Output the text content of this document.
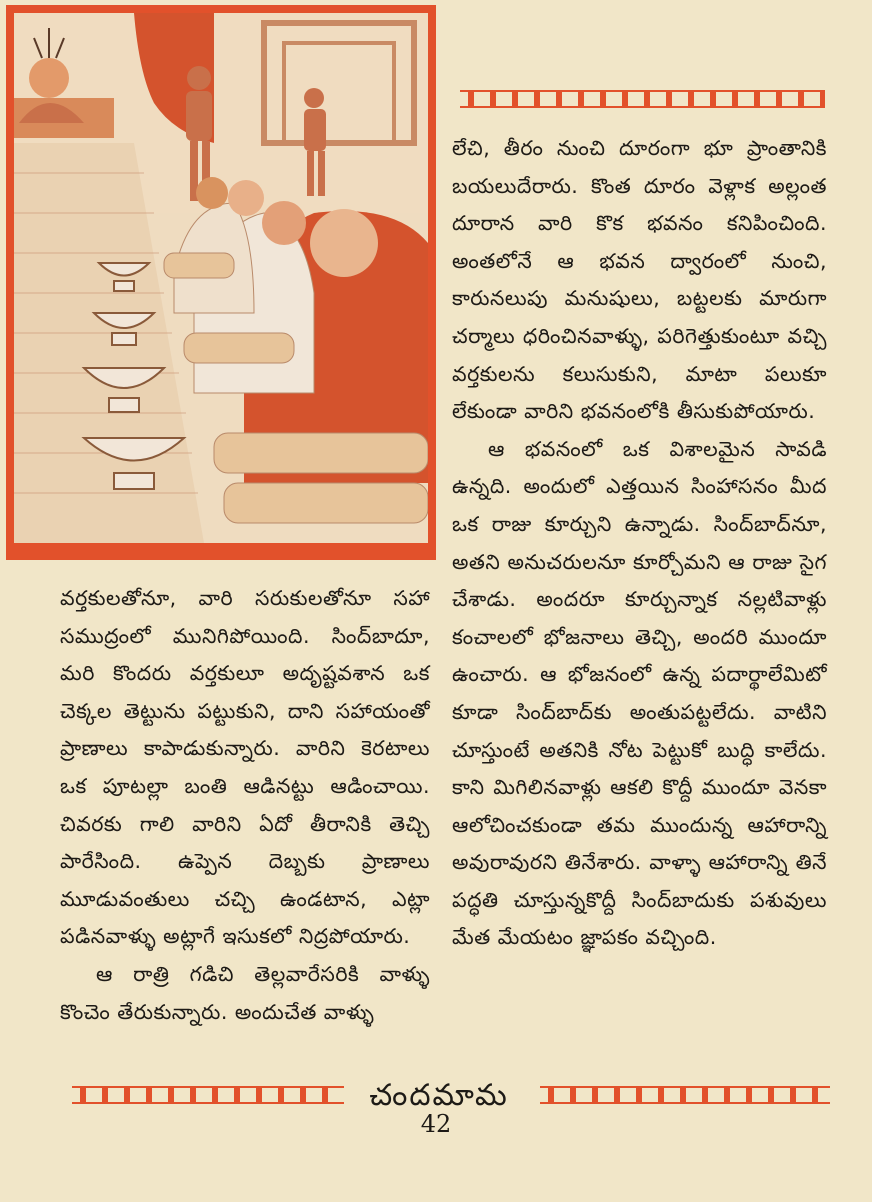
లేచి, తీరం నుంచి దూరంగా భూ ప్రాంతానికి బయలుదేరారు. కొంత దూరం వెళ్లాక అల్లంత దూరాన వారి కొక భవనం కనిపించింది. అంతలోనే ఆ భవన ద్వారంలో నుంచి, కారునలుపు మనుషులు, బట్టలకు మారుగా చర్మాలు ధరించినవాళ్ళు, పరిగెత్తుకుంటూ వచ్చి వర్తకులను కలుసుకుని, మాటా పలుకూ లేకుండా వారిని భవనంలోకి తీసుకుపోయారు.

ఆ భవనంలో ఒక విశాలమైన సావడి ఉన్నది. అందులో ఎత్తయిన సింహాసనం మీద ఒక రాజు కూర్చుని ఉన్నాడు. సింద్‌బాద్‌నూ, అతని అనుచరులనూ కూర్చోమని ఆ రాజు సైగ చేశాడు. అందరూ కూర్చున్నాక నల్లటివాళ్లు కంచాలలో భోజనాలు తెచ్చి, అందరి ముందూ ఉంచారు. ఆ భోజనంలో ఉన్న పదార్థాలేమిటో కూడా సింద్‌బాద్‌కు అంతుపట్టలేదు. వాటిని చూస్తుంటే అతనికి నోట పెట్టుకో బుద్ధి కాలేదు. కాని మిగిలినవాళ్లు ఆకలి కొద్దీ ముందూ వెనకా ఆలోచించకుండా తమ ముందున్న ఆహారాన్ని అవురావురని తినేశారు. వాళ్ళా ఆహారాన్ని తినే పద్ధతి చూస్తున్నకొద్దీ సింద్‌బాదుకు పశువులు మేత మేయటం జ్ఞాపకం వచ్చింది.

వర్తకులతోనూ, వారి సరుకులతోనూ సహా సముద్రంలో మునిగిపోయింది. సింద్‌బాదూ, మరి కొందరు వర్తకులూ అదృష్టవశాన ఒక చెక్కల తెట్టును పట్టుకుని, దాని సహాయంతో ప్రాణాలు కాపాడుకున్నారు. వారిని కెరటాలు ఒక పూటల్లా బంతి ఆడినట్టు ఆడించాయి. చివరకు గాలి వారిని ఏదో తీరానికి తెచ్చి పారేసింది. ఉప్పెన దెబ్బకు ప్రాణాలు మూడువంతులు చచ్చి ఉండటాన, ఎట్లా పడినవాళ్ళు అట్లాగే ఇసుకలో నిద్రపోయారు.

ఆ రాత్రి గడిచి తెల్లవారేసరికి వాళ్ళు కొంచెం తేరుకున్నారు. అందుచేత వాళ్ళు

చందమామ
42
